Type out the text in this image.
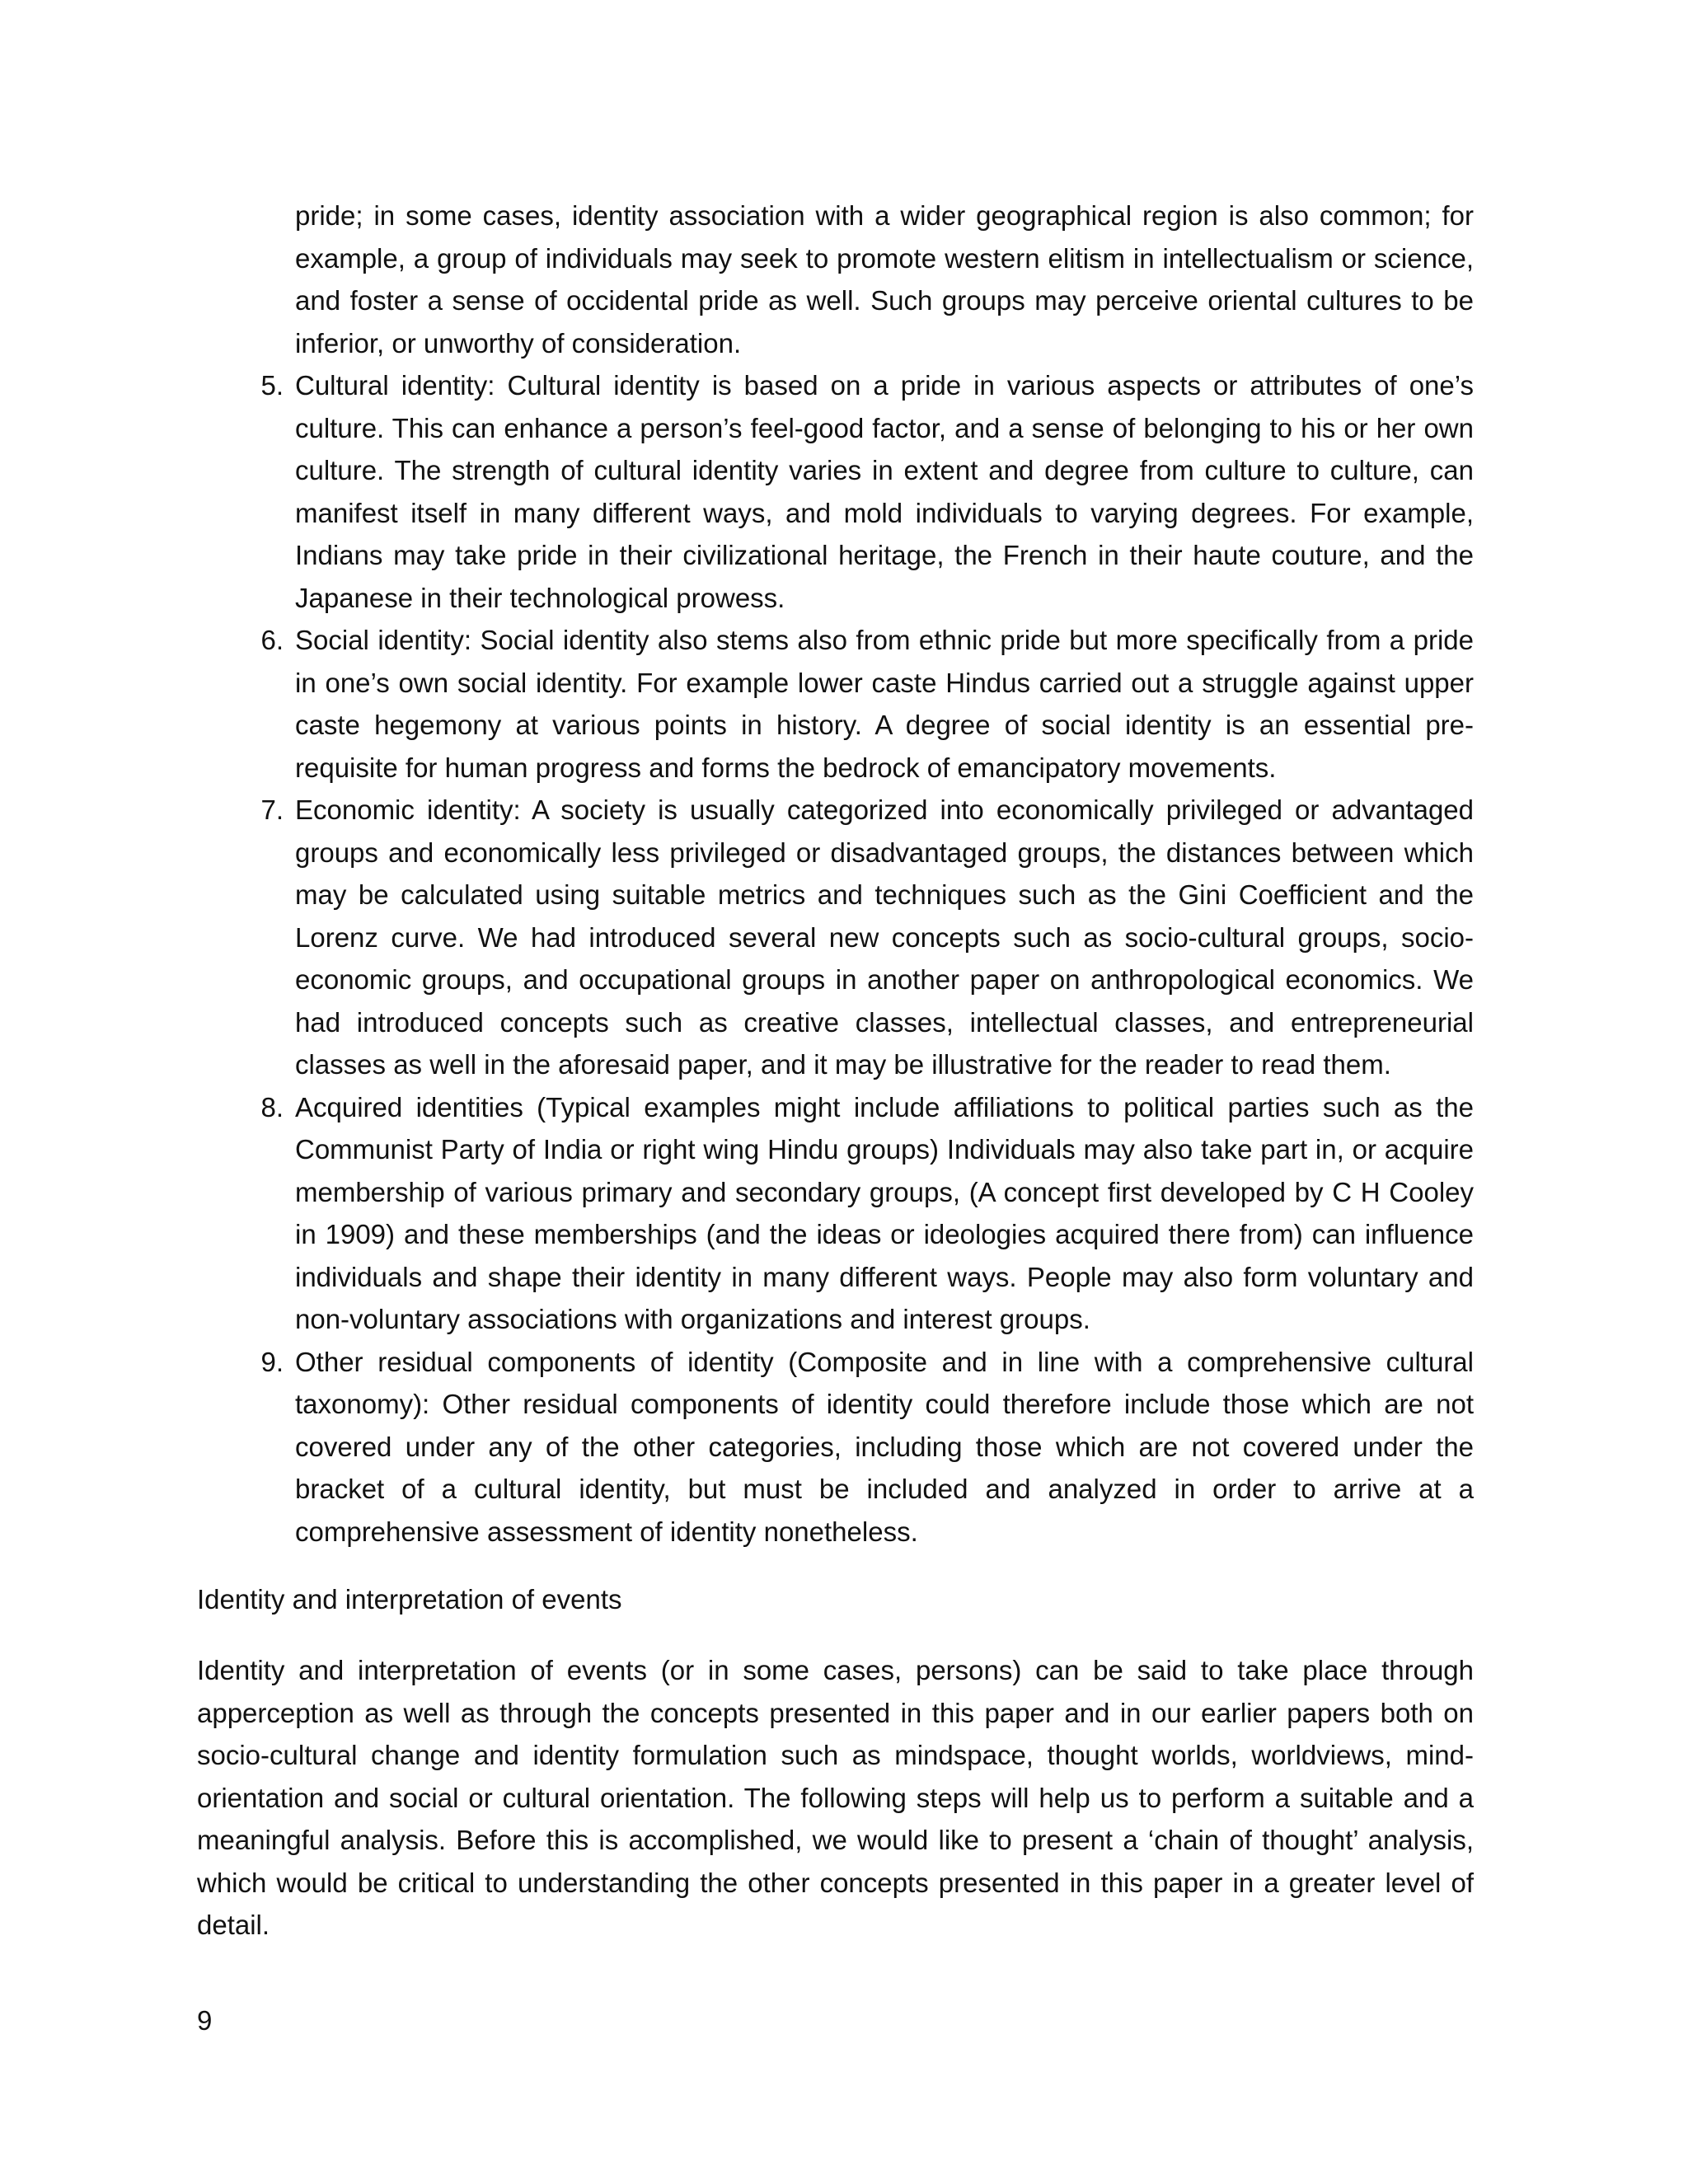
pride; in some cases, identity association with a wider geographical region is also common; for example, a group of individuals may seek to promote western elitism in intellectualism or science, and foster a sense of occidental pride as well. Such groups may perceive oriental cultures to be inferior, or unworthy of consideration.

5. Cultural identity: Cultural identity is based on a pride in various aspects or attributes of one’s culture. This can enhance a person’s feel-good factor, and a sense of belonging to his or her own culture. The strength of cultural identity varies in extent and degree from culture to culture, can manifest itself in many different ways, and mold individuals to varying degrees. For example, Indians may take pride in their civilizational heritage, the French in their haute couture, and the Japanese in their technological prowess.
6. Social identity: Social identity also stems also from ethnic pride but more specifically from a pride in one’s own social identity. For example lower caste Hindus carried out a struggle against upper caste hegemony at various points in history. A degree of social identity is an essential pre-requisite for human progress and forms the bedrock of emancipatory movements.
7. Economic identity: A society is usually categorized into economically privileged or advantaged groups and economically less privileged or disadvantaged groups, the distances between which may be calculated using suitable metrics and techniques such as the Gini Coefficient and the Lorenz curve. We had introduced several new concepts such as socio-cultural groups, socio-economic groups, and occupational groups in another paper on anthropological economics. We had introduced concepts such as creative classes, intellectual classes, and entrepreneurial classes as well in the aforesaid paper, and it may be illustrative for the reader to read them.
8. Acquired identities (Typical examples might include affiliations to political parties such as the Communist Party of India or right wing Hindu groups) Individuals may also take part in, or acquire membership of various primary and secondary groups, (A concept first developed by C H Cooley in 1909) and these memberships (and the ideas or ideologies acquired there from) can influence individuals and shape their identity in many different ways. People may also form voluntary and non-voluntary associations with organizations and interest groups.
9. Other residual components of identity (Composite and in line with a comprehensive cultural taxonomy): Other residual components of identity could therefore include those which are not covered under any of the other categories, including those which are not covered under the bracket of a cultural identity, but must be included and analyzed in order to arrive at a comprehensive assessment of identity nonetheless.
Identity and interpretation of events

Identity and interpretation of events (or in some cases, persons) can be said to take place through apperception as well as through the concepts presented in this paper and in our earlier papers both on socio-cultural change and identity formulation such as mindspace, thought worlds, worldviews, mind-orientation and social or cultural orientation. The following steps will help us to perform a suitable and a meaningful analysis. Before this is accomplished, we would like to present a ‘chain of thought’ analysis, which would be critical to understanding the other concepts presented in this paper in a greater level of detail.

9
